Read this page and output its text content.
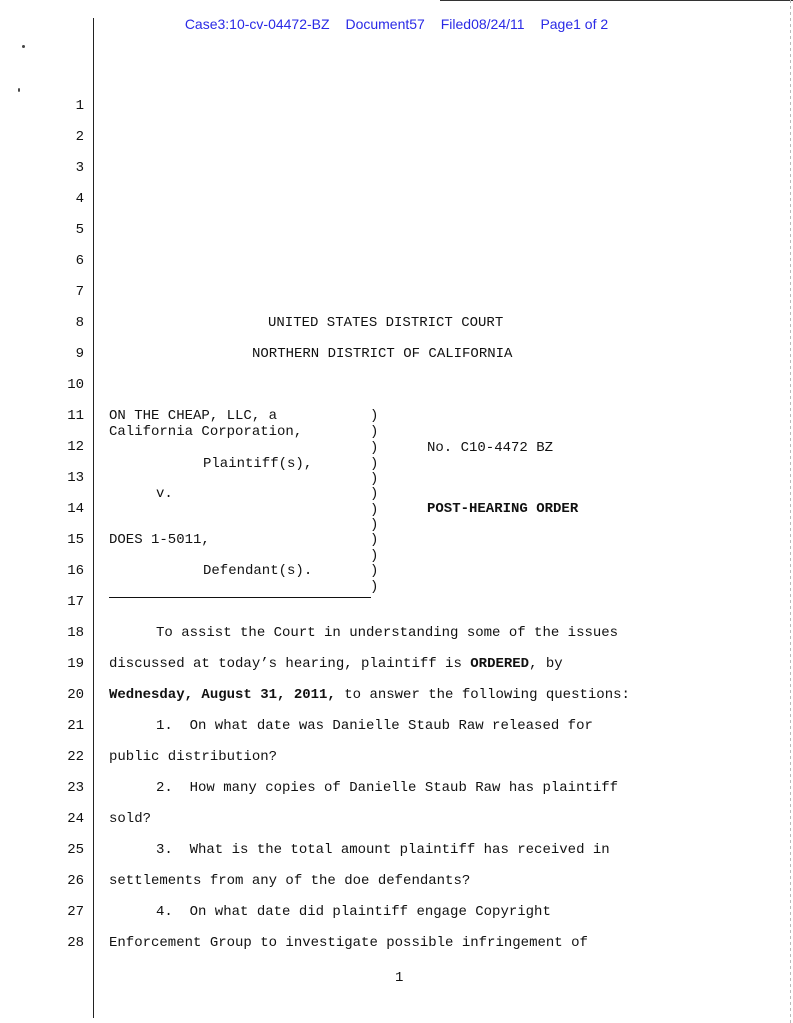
Case3:10-cv-04472-BZ Document57 Filed08/24/11 Page1 of 2
1
2
3
4
5
6
7
8
9
10
11
12
13
14
15
16
17
18
19
20
21
22
23
24
25
26
27
28
UNITED STATES DISTRICT COURT
NORTHERN DISTRICT OF CALIFORNIA
ON THE CHEAP, LLC, a
California Corporation,
Plaintiff(s),
v.
DOES 1-5011,
Defendant(s).
)
)
)
)
)
)
)
)
)
)
)
)
No. C10-4472 BZ
POST-HEARING ORDER
To assist the Court in understanding some of the issues
discussed at today’s hearing, plaintiff is ORDERED, by
Wednesday, August 31, 2011, to answer the following questions:
1.  On what date was Danielle Staub Raw released for
public distribution?
2.  How many copies of Danielle Staub Raw has plaintiff
sold?
3.  What is the total amount plaintiff has received in
settlements from any of the doe defendants?
4.  On what date did plaintiff engage Copyright
Enforcement Group to investigate possible infringement of
1
